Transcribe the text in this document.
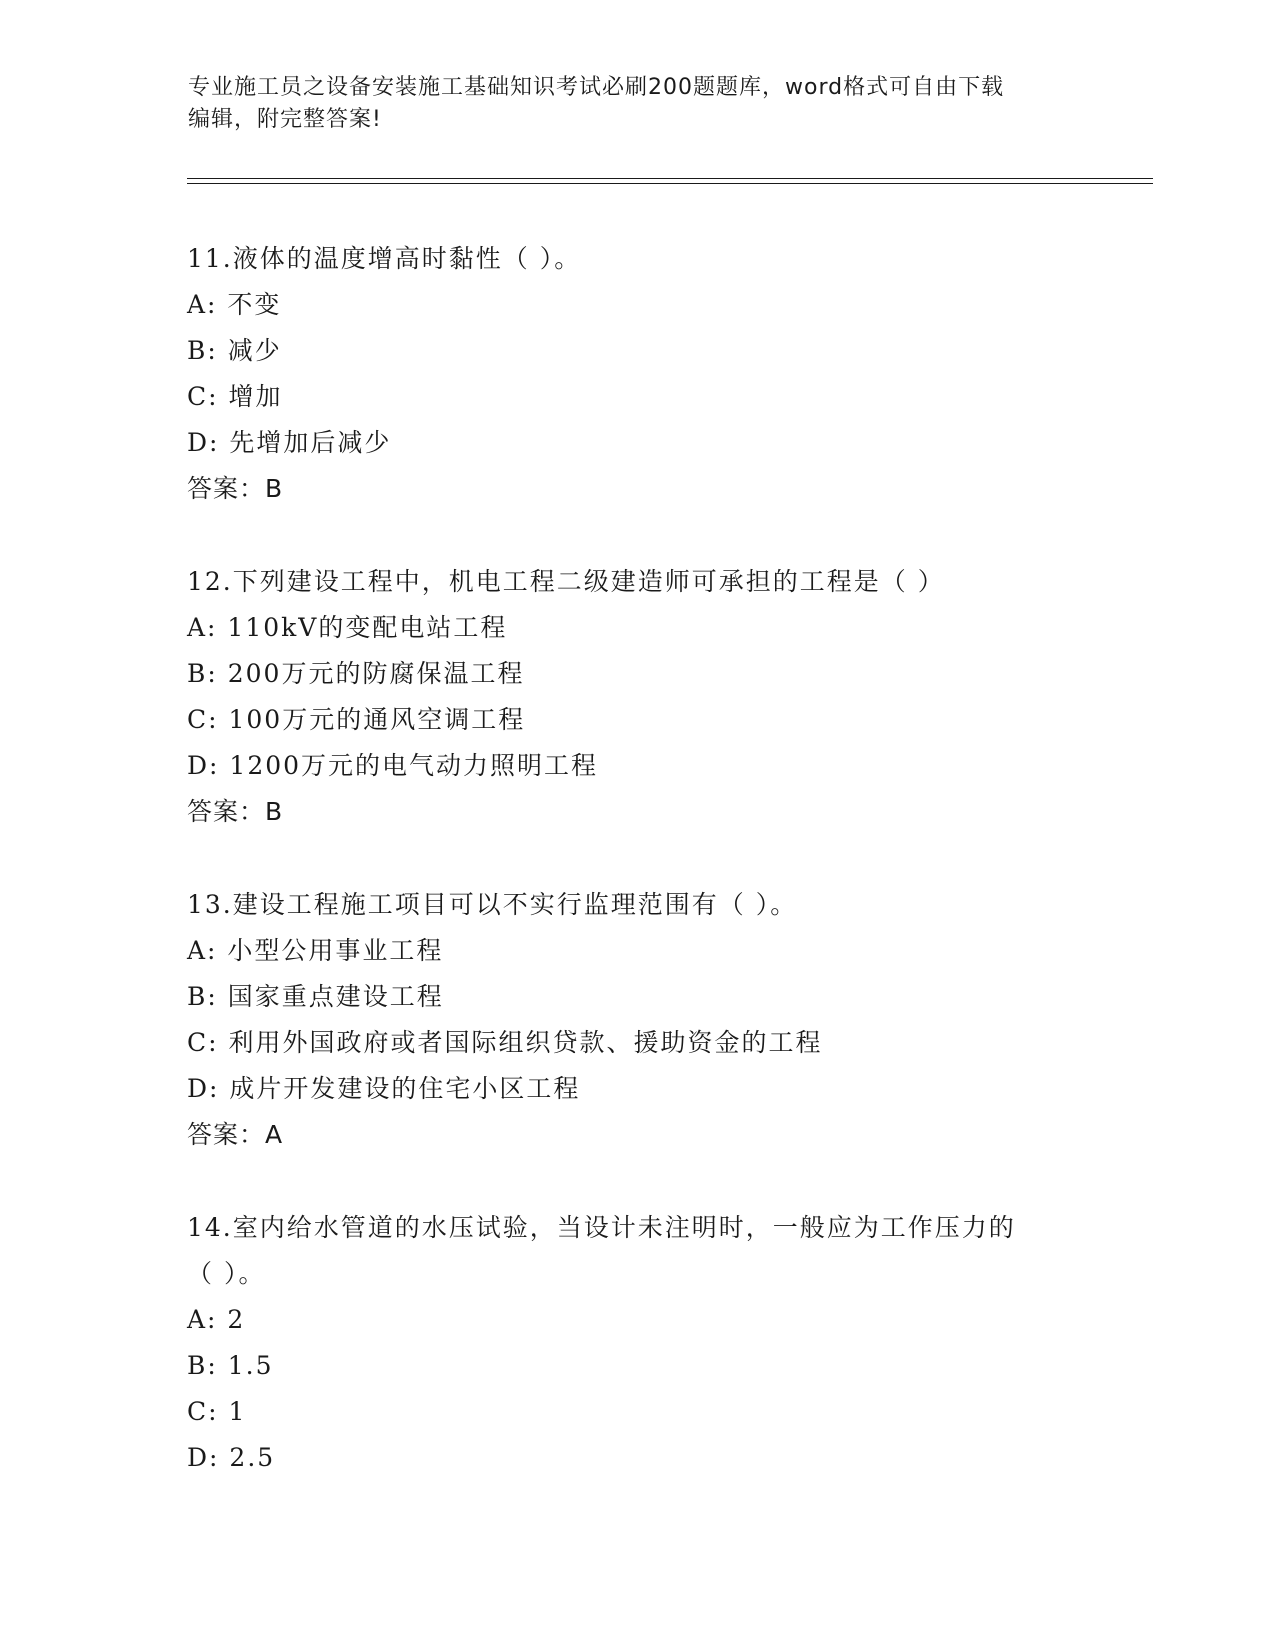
专业施工员之设备安装施工基础知识考试必刷200题题库，word格式可自由下载
编辑，附完整答案!
11.液体的温度增高时黏性（ ）。
A: 不变
B: 减少
C: 增加
D: 先增加后减少
答案：B
12.下列建设工程中，机电工程二级建造师可承担的工程是（ ）
A: 110kV的变配电站工程
B: 200万元的防腐保温工程
C: 100万元的通风空调工程
D: 1200万元的电气动力照明工程
答案：B
13.建设工程施工项目可以不实行监理范围有（ ）。
A: 小型公用事业工程
B: 国家重点建设工程
C: 利用外国政府或者国际组织贷款、援助资金的工程
D: 成片开发建设的住宅小区工程
答案：A
14.室内给水管道的水压试验，当设计未注明时，一般应为工作压力的
（ ）。
A: 2
B: 1.5
C: 1
D: 2.5
